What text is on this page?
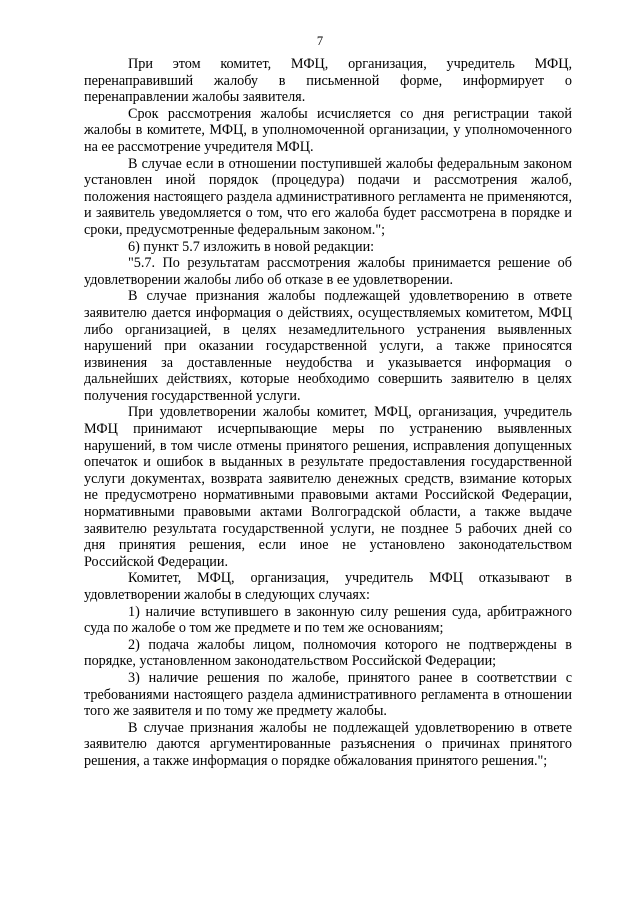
7

При этом комитет, МФЦ, организация, учредитель МФЦ, перенаправивший жалобу в письменной форме, информирует о перенаправлении жалобы заявителя.

Срок рассмотрения жалобы исчисляется со дня регистрации такой жалобы в комитете, МФЦ, в уполномоченной организации, у уполномоченного на ее рассмотрение учредителя МФЦ.

В случае если в отношении поступившей жалобы федеральным законом установлен иной порядок (процедура) подачи и рассмотрения жалоб, положения настоящего раздела административного регламента не применяются, и заявитель уведомляется о том, что его жалоба будет рассмотрена в порядке и сроки, предусмотренные федеральным законом.";

6) пункт 5.7 изложить в новой редакции:

"5.7. По результатам рассмотрения жалобы принимается решение об удовлетворении жалобы либо об отказе в ее удовлетворении.

В случае признания жалобы подлежащей удовлетворению в ответе заявителю дается информация о действиях, осуществляемых комитетом, МФЦ либо организацией, в целях незамедлительного устранения выявленных нарушений при оказании государственной услуги, а также приносятся извинения за доставленные неудобства и указывается информация о дальнейших действиях, которые необходимо совершить заявителю в целях получения государственной услуги.

При удовлетворении жалобы комитет, МФЦ, организация, учредитель МФЦ принимают исчерпывающие меры по устранению выявленных нарушений, в том числе отмены принятого решения, исправления допущенных опечаток и ошибок в выданных в результате предоставления государственной услуги документах, возврата заявителю денежных средств, взимание которых не предусмотрено нормативными правовыми актами Российской Федерации, нормативными правовыми актами Волгоградской области, а также выдаче заявителю результата государственной услуги, не позднее 5 рабочих дней со дня принятия решения, если иное не установлено законодательством Российской Федерации.

Комитет, МФЦ, организация, учредитель МФЦ отказывают в удовлетворении жалобы в следующих случаях:

1) наличие вступившего в законную силу решения суда, арбитражного суда по жалобе о том же предмете и по тем же основаниям;

2) подача жалобы лицом, полномочия которого не подтверждены в порядке, установленном законодательством Российской Федерации;

3) наличие решения по жалобе, принятого ранее в соответствии с требованиями настоящего раздела административного регламента в отношении того же заявителя и по тому же предмету жалобы.

В случае признания жалобы не подлежащей удовлетворению в ответе заявителю даются аргументированные разъяснения о причинах принятого решения, а также информация о порядке обжалования принятого решения.";
